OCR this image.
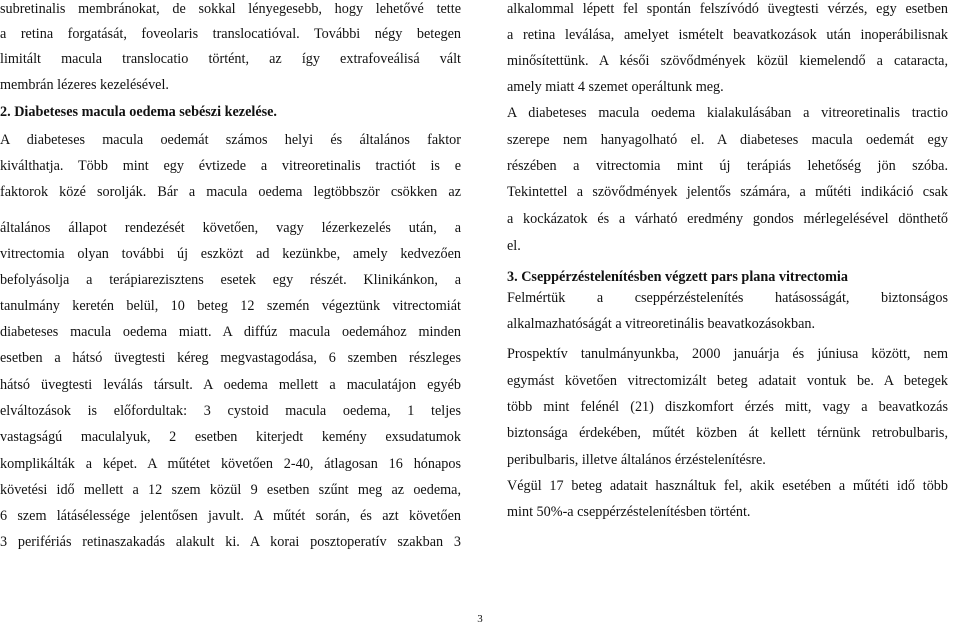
subretinalis membránokat, de sokkal lényegesebb, hogy lehetővé tette
a retina forgatását, foveolaris translocatióval. További négy betegen
limitált macula translocatio történt, az így extrafoveálisá vált
membrán lézeres kezelésével.
2. Diabeteses macula oedema sebészi kezelése.
A diabeteses macula oedemát számos helyi és általános faktor
kiválthatja. Több mint egy évtizede a vitreoretinalis tractiót is e
faktorok közé sorolják. Bár a macula oedema legtöbbször csökken az
általános állapot rendezését követően, vagy lézerkezelés után, a
vitrectomia olyan további új eszközt ad kezünkbe, amely kedvezően
befolyásolja a terápiarezisztens esetek egy részét. Klinikánkon, a
tanulmány keretén belül, 10 beteg 12 szemén végeztünk vitrectomiát
diabeteses macula oedema miatt. A diffúz macula oedemához minden
esetben a hátsó üvegtesti kéreg megvastagodása, 6 szemben részleges
hátsó üvegtesti leválás társult. A oedema mellett a maculatájon egyéb
elváltozások is előfordultak: 3 cystoid macula oedema, 1 teljes
vastagságú maculalyuk, 2 esetben kiterjedt kemény exsudatumok
komplikálták a képet. A műtétet követően 2-40, átlagosan 16 hónapos
követési idő mellett a 12 szem közül 9 esetben szűnt meg az oedema,
6 szem látásélessége jelentősen javult. A műtét során, és azt követően
3 perifériás retinaszakadás alakult ki. A korai posztoperatív szakban 3
alkalommal lépett fel spontán felszívódó üvegtesti vérzés, egy esetben
a retina leválása, amelyet ismételt beavatkozások után inoperábilisnak
minősítettünk. A késői szövődmények közül kiemelendő a cataracta,
amely miatt 4 szemet operáltunk meg.
A diabeteses macula oedema kialakulásában a vitreoretinalis tractio
szerepe nem hanyagolható el. A diabeteses macula oedemát egy
részében a vitrectomia mint új terápiás lehetőség jön szóba.
Tekintettel a szövődmények jelentős számára, a műtéti indikáció csak
a kockázatok és a várható eredmény gondos mérlegelésével dönthető
el.
3. Cseppérzéstelenítésben végzett pars plana vitrectomia
Felmértük a cseppérzéstelenítés hatásosságát, biztonságos
alkalmazhatóságát a vitreoretinális beavatkozásokban.
Prospektív tanulmányunkba, 2000 januárja és júniusa között, nem
egymást követően vitrectomizált beteg adatait vontuk be. A betegek
több mint felénél (21) diszkomfort érzés mitt, vagy a beavatkozás
biztonsága érdekében, műtét közben át kellett térnünk retrobulbaris,
peribulbaris, illetve általános érzéstelenítésre.
Végül 17 beteg adatait használtuk fel, akik esetében a műtéti idő több
mint 50%-a cseppérzéstelenítésben történt.
3
